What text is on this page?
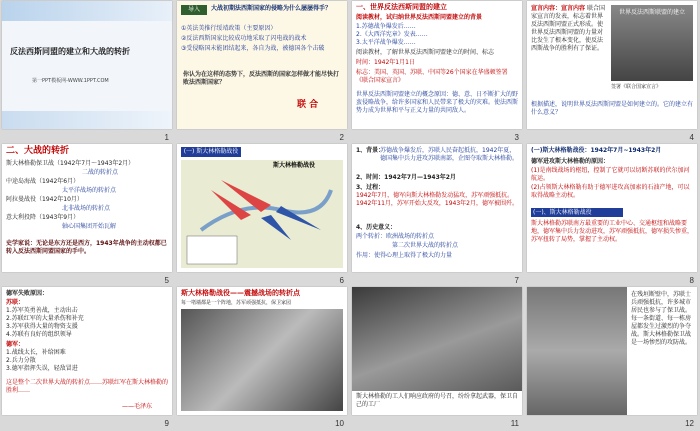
反法西斯同盟的建立和大战的转折
第一PPT模板网-WWW.1PPT.COM
1
导入	大战初期法西斯国家的侵略为什么屡屡得手？
①英法美推行绥靖政策（主要原因）
②反法西斯国家比较成功地采取了闪电战的战术
③受侵略国未能团结起来，各自为战，被德国各个击破
你认为在这样的态势下，反法西斯的国家怎样做才能尽快打败法西斯国家？
联 合
2
一、世界反法西斯同盟的建立
阅读教材，试归纳世界反法西斯同盟建立的背景
1.苏德战争爆发后……
2.《大西洋宪章》发表……
3.太平洋战争爆发……
阅读教材，了解世界反法西斯同盟建立的时间、标志
时间：1942年1月1日
标志：美国、英国、苏联、中国等26个国家在华盛顿签署《联合国家宣言》
世界反法西斯同盟建立的概念原因：德、意、日不断扩大的野蛮侵略战争，给许多国家和人民带来了极大的灾难。使法西斯势力成为世界和平与正义力量的共同敌人。
3
宣言内容：宣言内容 联合国家宣言的发表，标志着世界反法西斯同盟正式形成。使世界反法西斯同盟的力量对比发生了根本变化，使反法西斯战争的胜利有了保证。
世界反法西斯联盟的建立
签署《联合国家宣言》
根据描述，说明世界反法西斯同盟是如何建立的。它的建立有什么意义？
4
二、大战的转折
斯大林格勒保卫战（1942年7月～1943年2月）
二战的转折点
中途岛海战（1942年6月）
太平洋战场的转折点
阿拉曼战役（1942年10月）
北非战场的转折点
意大利投降（1943年9月）
轴心国集团开始瓦解
史学家说：无论是东方还是西方，1943年战争的主动权都已转入反法西斯同盟国家的手中。
5
(一) 斯大林格勒战役
斯大林格勒战役
6
1、背景：
苏德战争爆发后，苏联人民奋起抵抗，1942年夏，德国集中兵力进攻苏联南部，企图夺取斯大林格勒。
2、时间：1942年7月—1943年2月
3、过程：
1942年7月，德军向斯大林格勒发动猛攻，苏军顽强抵抗。1942年11月，苏军开始大反攻，1943年2月，德军被围歼。
4、历史意义：
两个转折：欧洲战场的转折点
第二次世界大战的转折点
作用：使得心理上取得了极大的力量
7
(一)斯大林格勒战役：1942年7月~1943年2月
德军进攻斯大林格勒的原因：
(1)是南线战场的枢纽，控制了它就可以切断苏联的伏尔加河航运。
(2)占领斯大林格勒有助于德军进攻高加索的石油产地，可以取得战略主动权。
(一)、斯大林格勒战役
斯大林格勒苏联南方最重要的工业中心、交通枢纽和战略要地，德军集中兵力发动进攻，苏军顽强抵抗，德军损失惨重，苏军扭转了局势，掌握了主动权。
8
德军失败原因：
苏联：
1.苏军英勇善战，主动出击
2.苏联红军的大量杀伤和补充
3.苏军获得大量的物资支援
4.苏联有良好的组织领导
德军：
1.战线太长，补给困难
2.兵力分散
3.德军指挥失误，轻敌冒进
这是整个二次世界大战的转折点……苏联红军在斯大林格勒的胜利……
——毛泽东
9
斯大林格勒战役——震撼战场的转折点
每一堵墙都是一个阵地，苏军顽强抵抗，保卫家园
10
斯大林格勒的工人们响应政府的号召，纷纷拿起武器，保卫自己的工厂
11
在残垣断壁中，苏联士兵顽强抵抗，许多城市居民也参与了保卫战。每一条街道、每一栋房屋都发生过激烈的争夺战。斯大林格勒保卫战是一场惨烈的攻防战。
12
